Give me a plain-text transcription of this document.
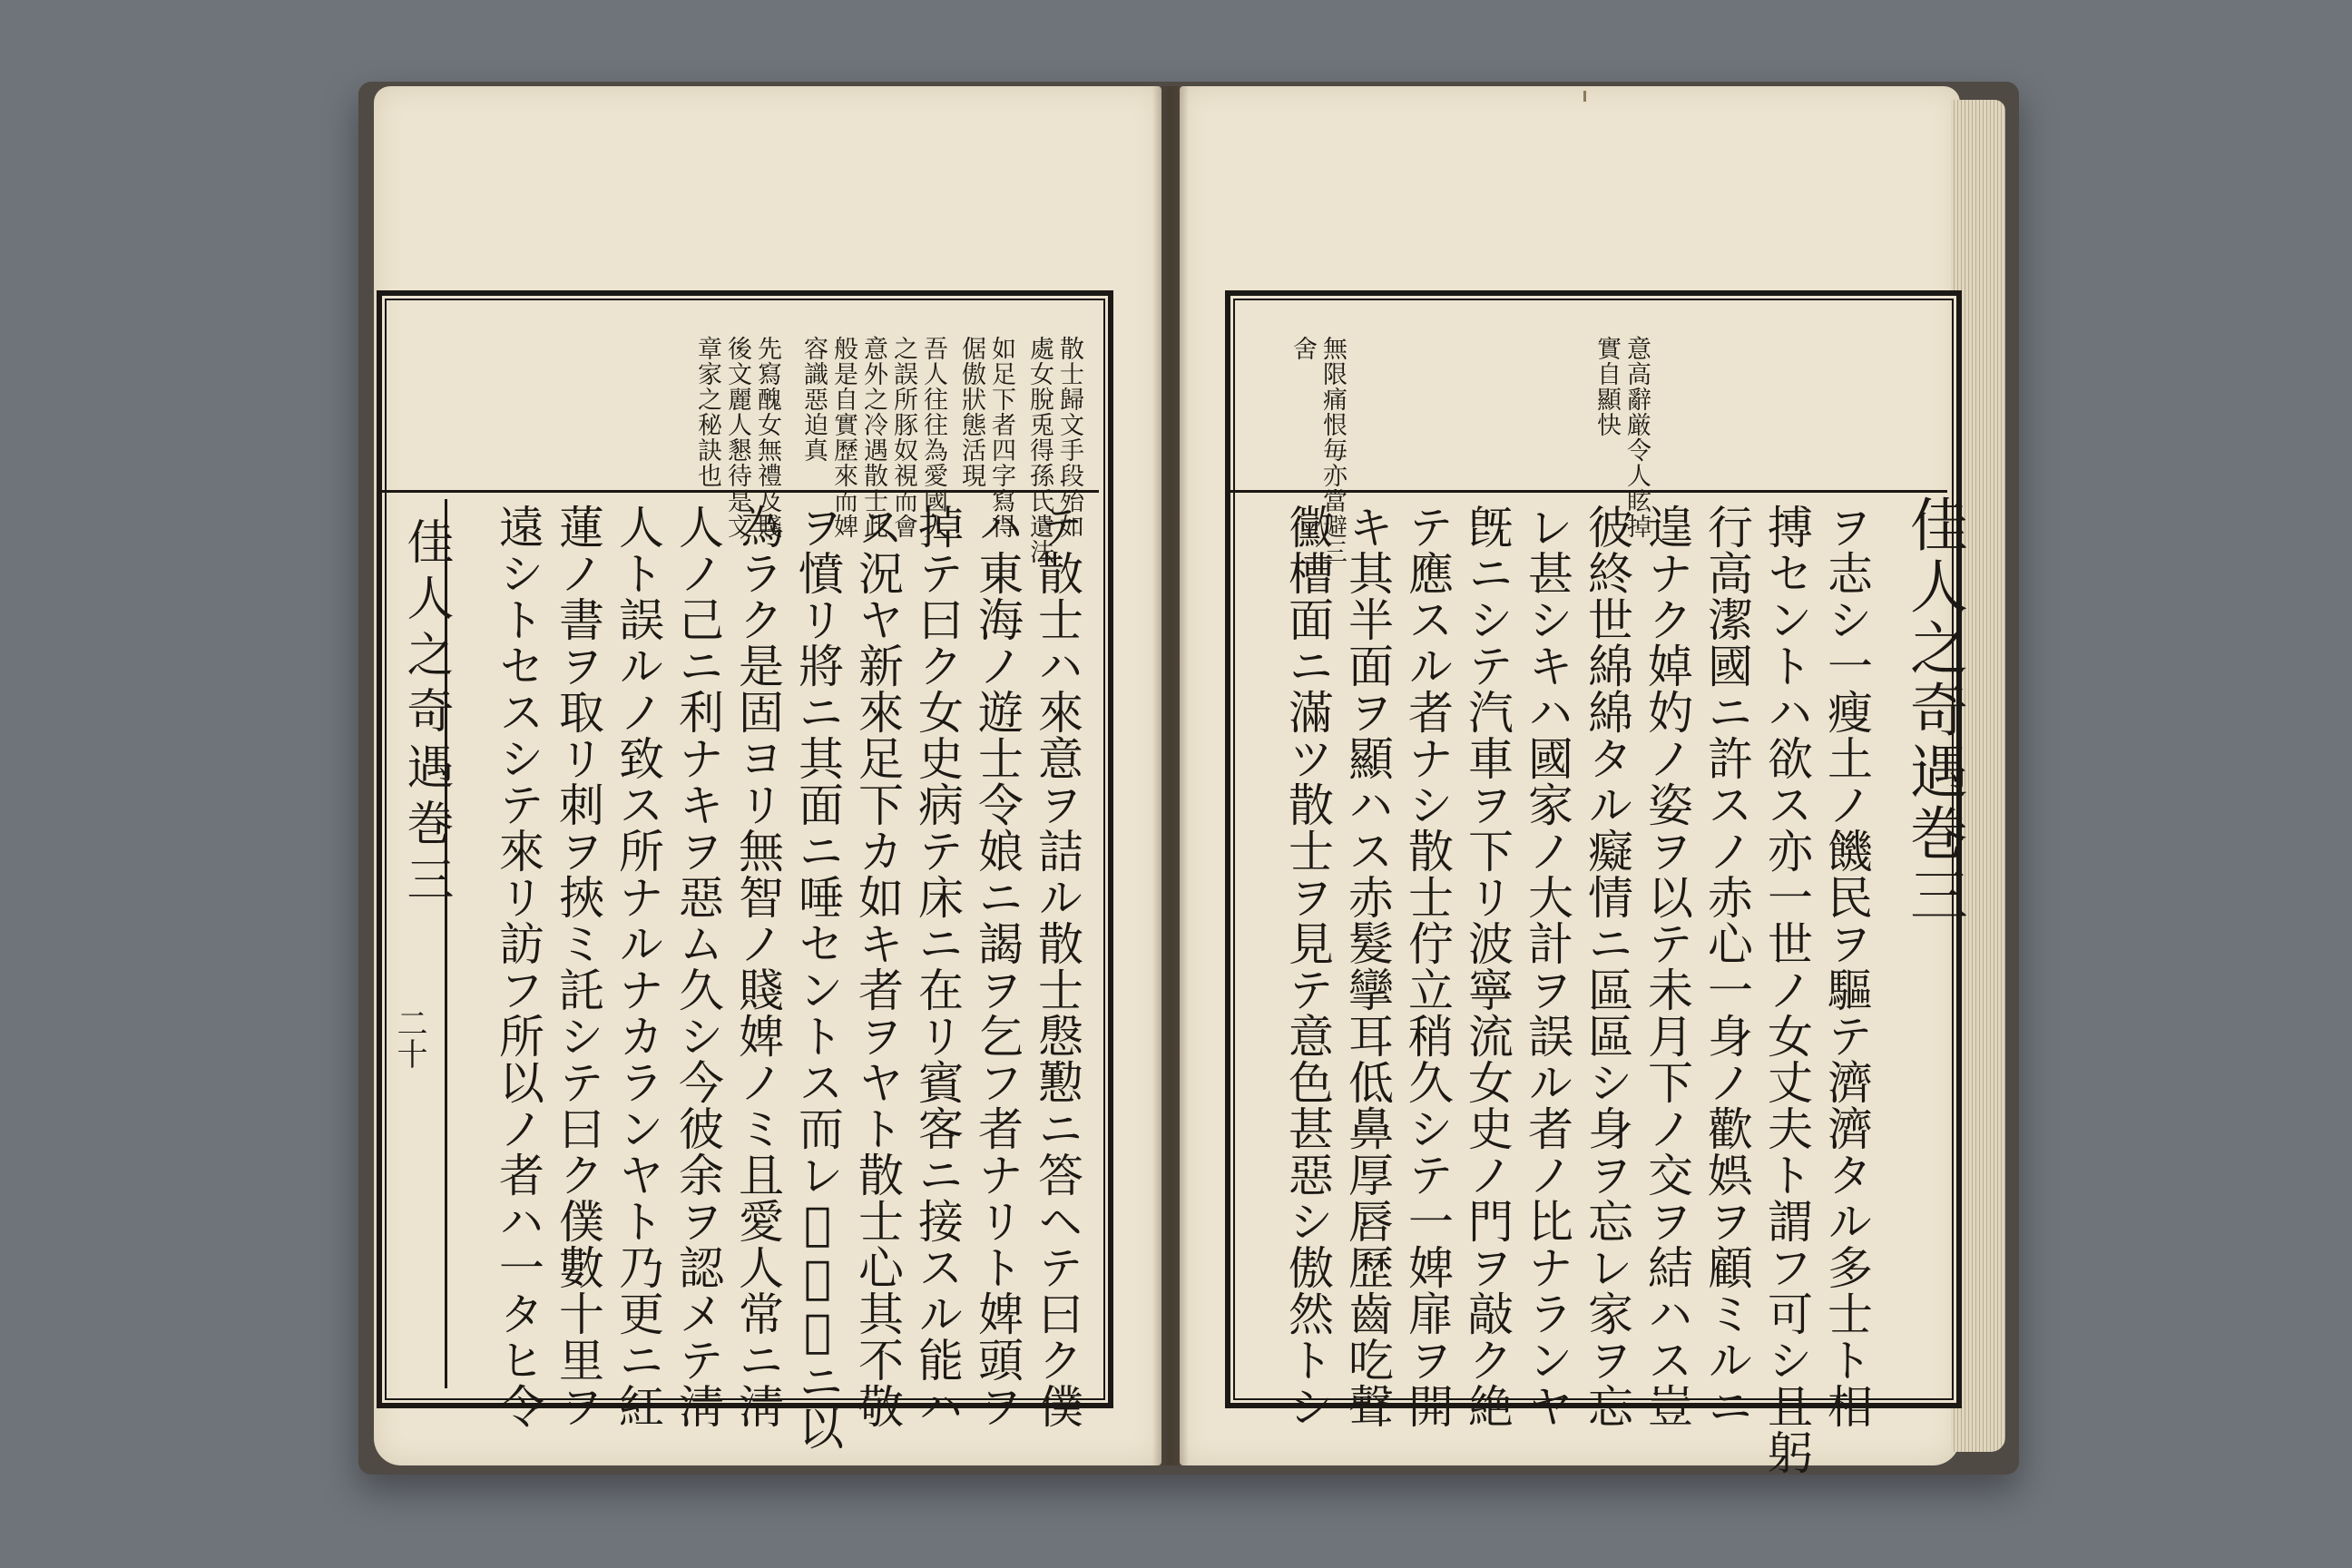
佳人之奇遇巻三
二十
散士歸文手段殆如
處女脫兎得孫氏遺法
如足下者四字寫得
倨傲狀態活現
吾人往往為愛國人
之誤所豚奴視而會
意外之冷遇散士此
般是自實歷來而婢
容識惡迫真
先寫醜女無禮及賤
後文麗人懇待是文
章家之秘訣也
テ散士ハ來意ヲ詰ル散士慇懃ニ答ヘテ曰ク僕
ハ東海ノ遊士令娘ニ謁ヲ乞フ者ナリト婢頭ヲ
掉テ曰ク女史病テ床ニ在リ賓客ニ接スル能ハ
ス況ヤ新來足下カ如キ者ヲヤト散士心其不敬
ヲ憤リ將ニ其面ニ唾セントス而レ𪜈又竊ニ以
為ラク是固ヨリ無智ノ賤婢ノミ且愛人常ニ淸
人ノ己ニ利ナキヲ惡ム久シ今彼余ヲ認メテ淸
人ト誤ルノ致ス所ナルナカランヤト乃更ニ紅
蓮ノ書ヲ取リ刺ヲ挾ミ託シテ曰ク僕數十里ヲ
遠シトセスシテ來リ訪フ所以ノ者ハ一タヒ令	佳人之奇遇巻三
意高辭厳令人眩掉
實自顯快
無限痛恨毎亦當避三
舍
ヲ志シ一瘦土ノ饑民ヲ驅テ濟濟タル多士ト相
搏セントハ欲ス亦一世ノ女丈夫ト謂フ可シ且躬
行高潔國ニ許スノ赤心一身ノ歡娯ヲ顧ミルニ
遑ナク婥妁ノ姿ヲ以テ未月下ノ交ヲ結ハス豈
彼終世綿綿タル癡情ニ區區シ身ヲ忘レ家ヲ忘
レ甚シキハ國家ノ大計ヲ誤ル者ノ比ナランヤ
旣ニシテ汽車ヲ下リ波寧流女史ノ門ヲ敲ク絶
テ應スル者ナシ散士佇立稍久シテ一婢扉ヲ開
キ其半面ヲ顯ハス赤髮攣耳低鼻厚唇歷齒吃聲
黴槽面ニ滿ツ散士ヲ見テ意色甚惡シ傲然トシ
